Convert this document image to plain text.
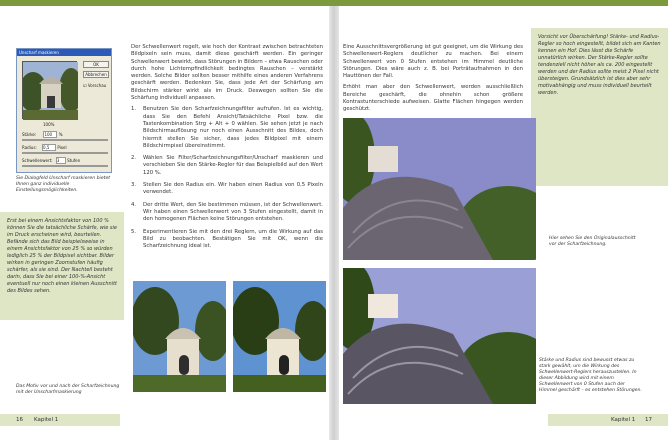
Unscharf maskieren
OK
Abbrechen
☑ Vorschau
100%
Stärke: 100 %
Radius: 0,5 Pixel
Schwellenwert: 3 Stufen
Sie Dialogfeld Unscharf maskieren bietet Ihnen ganz individuelle Einstellungsmöglichkeiten.
Erst bei einem Ansichtsfaktor von 100 % können Sie die tatsächliche Schärfe, wie sie im Druck erscheinen wird, beurteilen. Befände sich das Bild beispielsweise in einem Ansichtsfaktor von 25 % so würden lediglich 25 % der Bildpixel sichtbar. Bilder wirken in geringen Zoomstufen häufig schärfer, als sie sind. Der Nachteil besteht darin, dass Sie bei einer 100-%-Ansicht eventuell nur noch einen kleinen Ausschnitt des Bildes sehen.
Das Motiv vor und nach der Scharfzeichnung mit der Unscharfmaskierung

Der Schwellenwert regelt, wie hoch der Kontrast zwischen betrachteten Bildpixeln sein muss, damit diese geschärft werden. Ein geringer Schwellenwert bewirkt, dass Störungen in Bildern – etwa Rauschen oder durch hohe Lichtempfindlichkeit bedingtes Rauschen – verstärkt werden. Solche Bilder sollten besser mithilfe eines anderen Verfahrens geschärft werden. Bedenken Sie, dass jede Art der Schärfung am Bildschirm stärker wirkt als im Druck. Deswegen sollten Sie die Schärfung individuell anpassen.

1. Benutzen Sie den Scharfzeichnungsfilter aufrufen. Ist es wichtig, dass Sie den Befehl Ansicht/Tatsächliche Pixel bzw. die Tastenkombination Strg + Alt + 0 wählen. Sie sehen jetzt je nach Bildschirmauflösung nur noch einen Ausschnitt des Bildes, doch hiermit stellen Sie sicher, dass jedes Bildpixel mit einem Bildschirmpixel übereinstimmt.
2. Wählen Sie Filter/Scharfzeichnungsfilter/Unscharf maskieren und verschieben Sie den Stärke-Regler für das Beispielbild auf den Wert 120 %.
3. Stellen Sie den Radius ein. Wir haben einen Radius von 0,5 Pixeln verwendet.
4. Der dritte Wert, den Sie bestimmen müssen, ist der Schwellenwert. Wir haben einen Schwellenwert von 3 Stufen eingestellt, damit in den homogenen Flächen keine Störungen entstehen.
5. Experimentieren Sie mit den drei Reglern, um die Wirkung auf das Bild zu beobachten. Bestätigen Sie mit OK, wenn die Scharfzeichnung ideal ist.
16 Kapitel 1

Eine Ausschnittsvergrößerung ist gut geeignet, um die Wirkung des Schwellenwert-Reglers deutlicher zu machen. Bei einem Schwellenwert von 0 Stufen entstehen im Himmel deutliche Störungen. Dies wäre auch z. B. bei Porträtaufnahmen in den Hauttönen der Fall.

Erhöht man aber den Schwellenwert, werden ausschließlich Bereiche geschärft, die ohnehin schon größere Kontrastunterschiede aufweisen. Glatte Flächen hingegen werden geschützt.

Vorsicht vor Überschärfung! Stärke- und Radius-Regler so hoch eingestellt, bildet sich am Kanten kennen ein Hof. Dies lässt die Schärfe unnatürlich wirken. Der Stärke-Regler sollte tendenziell nicht höher als ca. 200 eingestellt werden und der Radius sollte meist 2 Pixel nicht übersteigen. Grundsätzlich ist dies aber sehr motivabhängig und muss individuell beurteilt werden.
Hier sehen Sie den Originalausschnitt vor der Scharfzeichnung.
Stärke und Radius sind bewusst etwas zu stark gewählt, um die Wirkung des Schwellenwert-Reglers herauszustellen. In dieser Abbildung wird mit einem Schwellenwert von 0 Stufen auch der Himmel geschärft – es entstehen Störungen.
Kapitel 1 17
